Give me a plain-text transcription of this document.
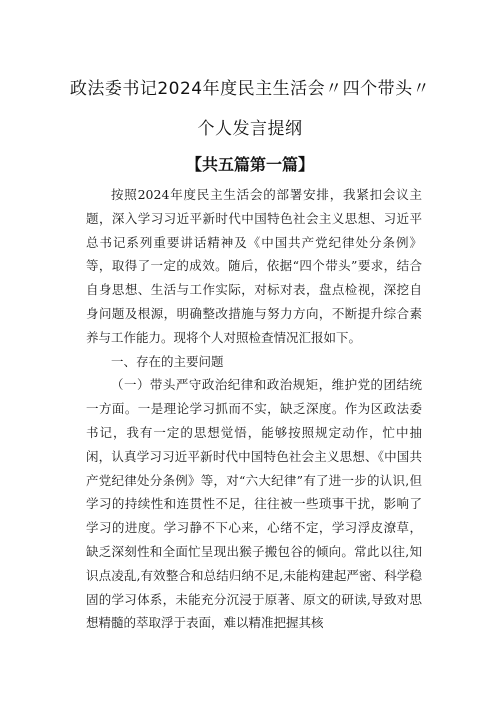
政法委书记2024年度民主生活会〃四个带头〃
个人发言提纲
【共五篇第一篇】

按照2024年度民主生活会的部署安排，我紧扣会议主题，深入学习习近平新时代中国特色社会主义思想、习近平总书记系列重要讲话精神及《中国共产党纪律处分条例》等，取得了一定的成效。随后，依据“四个带头”要求，结合自身思想、生活与工作实际，对标对表，盘点检视，深挖自身问题及根源，明确整改措施与努力方向，不断提升综合素养与工作能力。现将个人对照检查情况汇报如下。

一、存在的主要问题

（一）带头严守政治纪律和政治规矩，维护党的团结统一方面。一是理论学习抓而不实，缺乏深度。作为区政法委书记，我有一定的思想觉悟，能够按照规定动作，忙中抽闲，认真学习习近平新时代中国特色社会主义思想、《中国共产党纪律处分条例》等，对“六大纪律”有了进一步的认识,但学习的持续性和连贯性不足，往往被一些琐事干扰，影响了学习的进度。学习静不下心来，心绪不定，学习浮皮潦草，缺乏深刻性和全面忙呈现出猴子搬包谷的倾向。常此以往,知识点凌乱,有效整合和总结归纳不足,未能构建起严密、科学稳固的学习体系，未能充分沉浸于原著、原文的研读,导致对思想精髓的萃取浮于表面，难以精准把握其核
